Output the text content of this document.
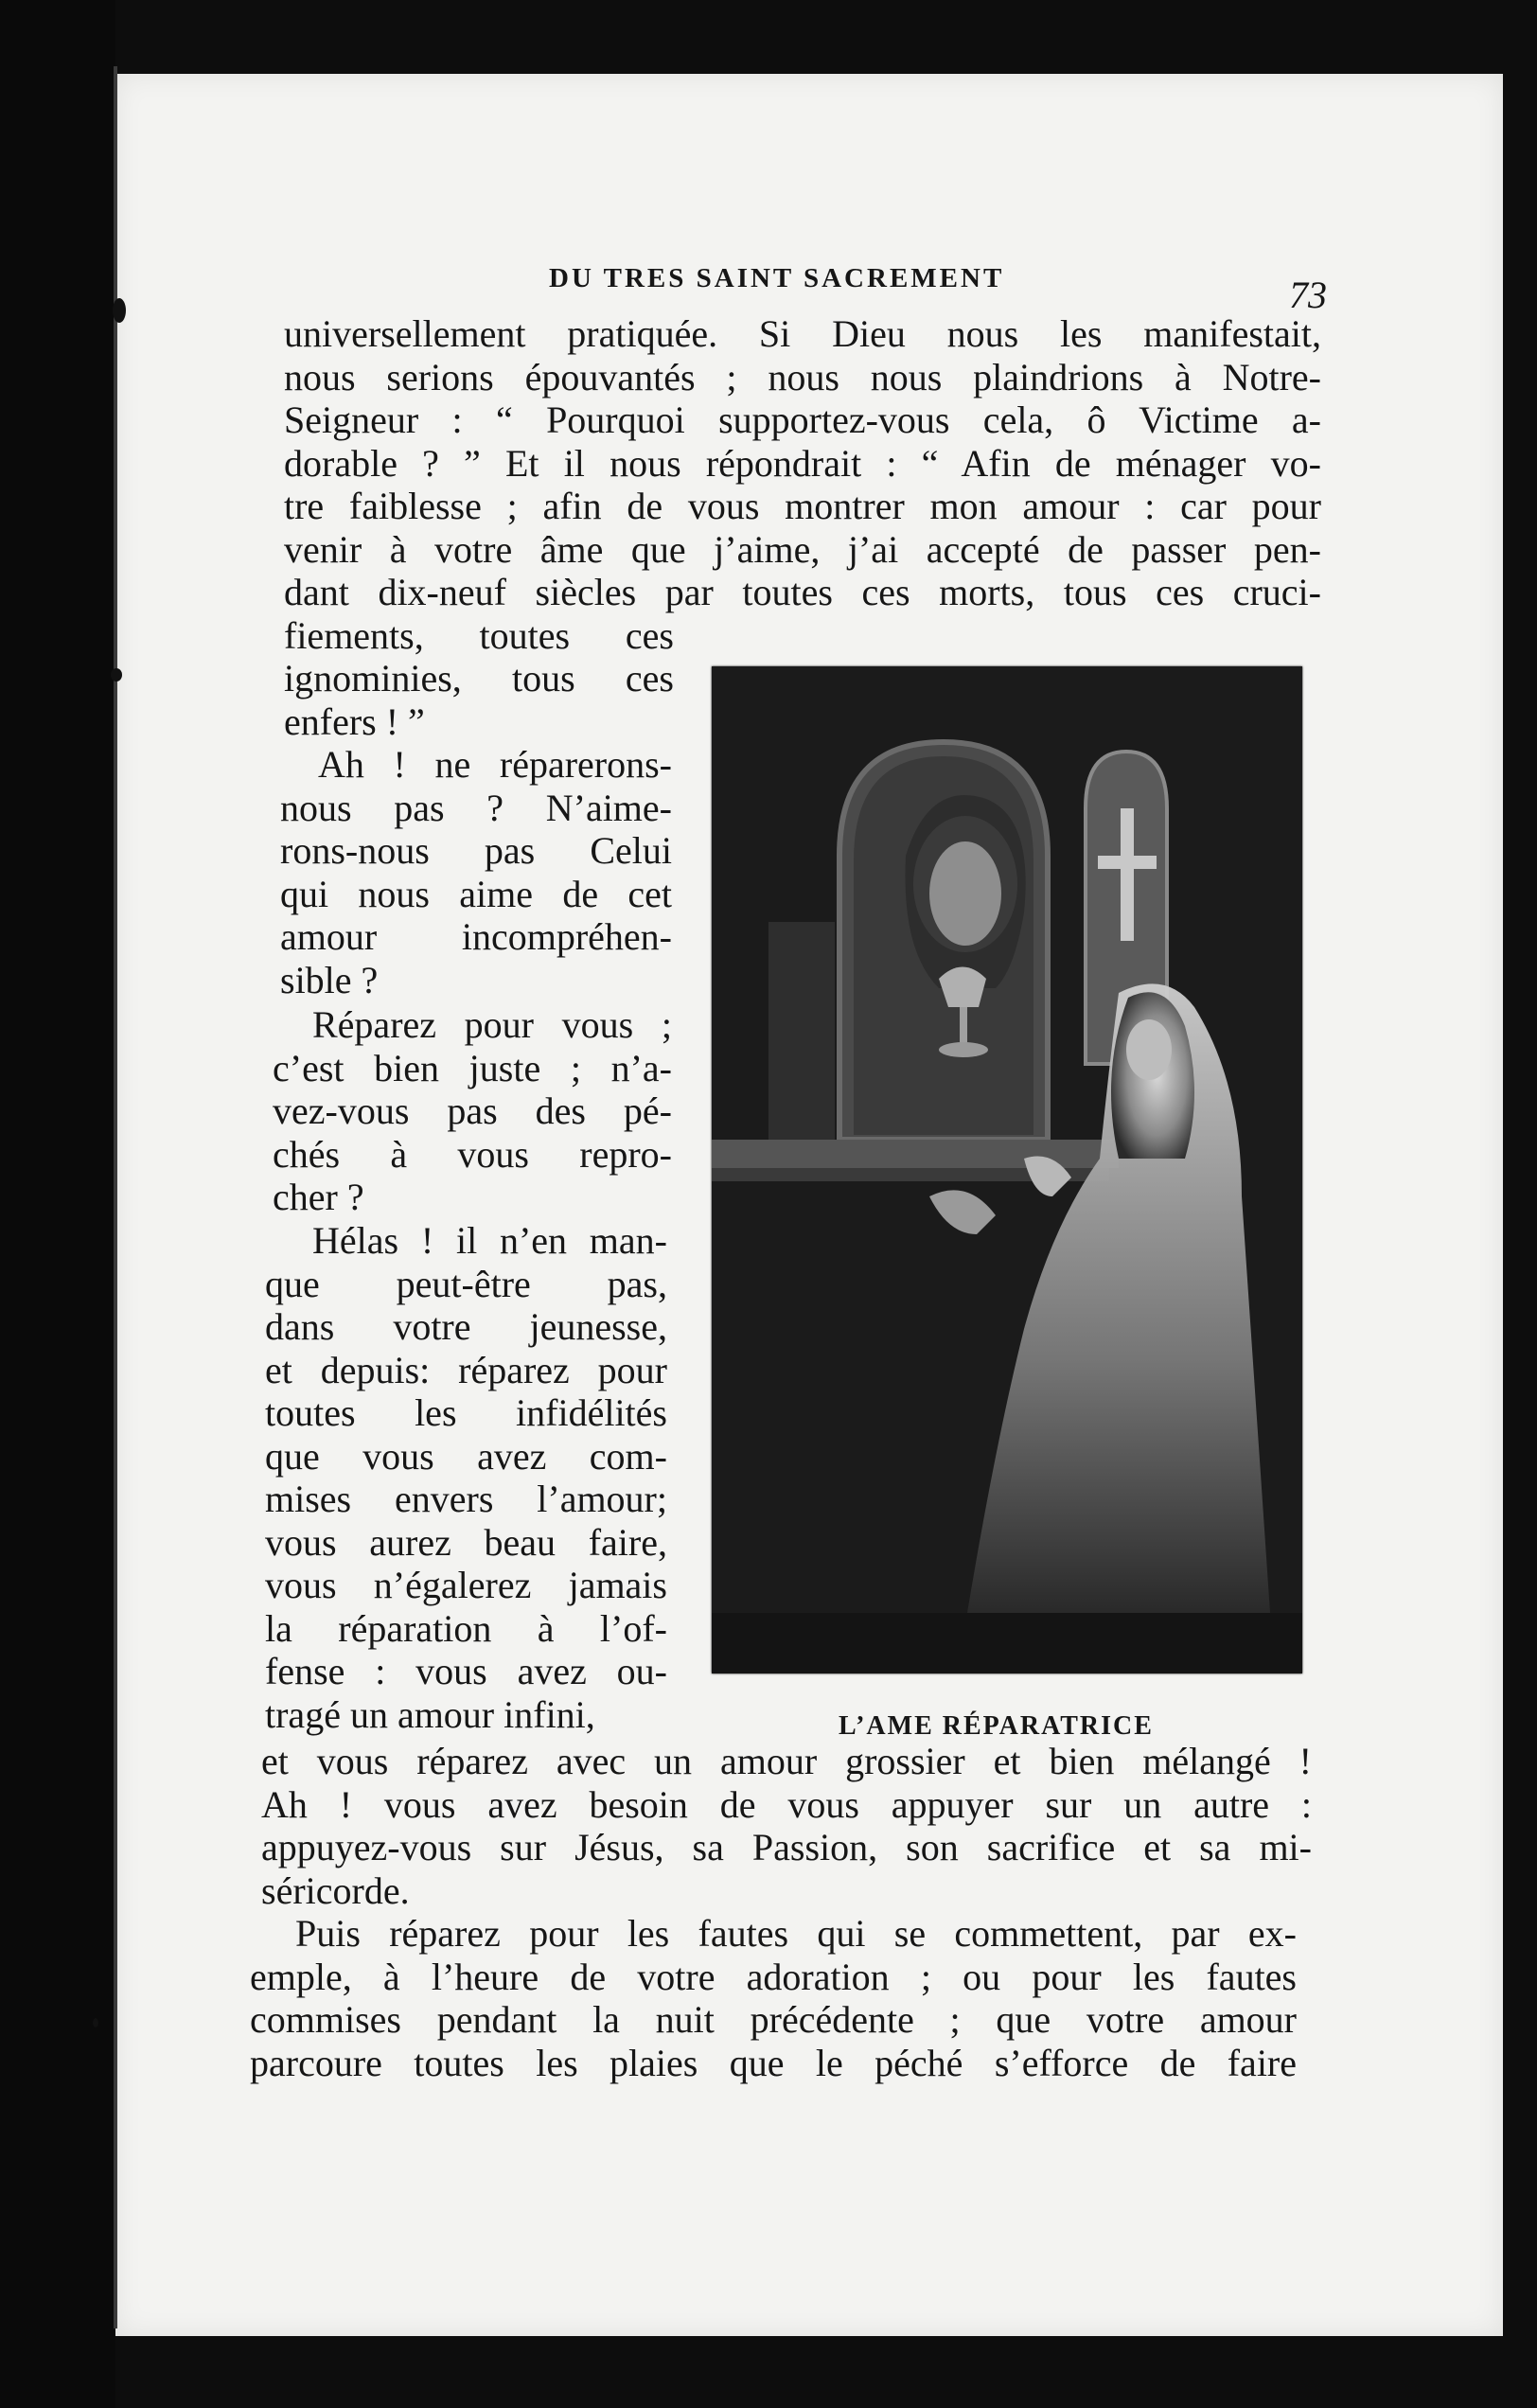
DU TRES SAINT SACREMENT	73
universellement pratiquée. Si Dieu nous les manifestait,
nous serions épouvantés ; nous nous plaindrions à Notre-
Seigneur : “ Pourquoi supportez-vous cela, ô Victime a-
dorable ? ” Et il nous répondrait : “ Afin de ménager vo-
tre faiblesse ; afin de vous montrer mon amour : car pour
venir à votre âme que j’aime, j’ai accepté de passer pen-
dant dix-neuf siècles par toutes ces morts, tous ces cruci-
fiements, toutes ces
ignominies, tous ces
enfers ! ”
Ah ! ne réparerons-
nous pas ? N’aime-
rons-nous pas Celui
qui nous aime de cet
amour incompréhen-
sible ?
Réparez pour vous ;
c’est bien juste ; n’a-
vez-vous pas des pé-
chés à vous repro-
cher ?
Hélas ! il n’en man-
que peut-être pas,
dans votre jeunesse,
et depuis: réparez pour
toutes les infidélités
que vous avez com-
mises envers l’amour;
vous aurez beau faire,
vous n’égalerez jamais
la réparation à l’of-
fense : vous avez ou-
tragé un amour infini,
et vous réparez avec un amour grossier et bien mélangé !
Ah ! vous avez besoin de vous appuyer sur un autre :
appuyez-vous sur Jésus, sa Passion, son sacrifice et sa mi-
séricorde.
Puis réparez pour les fautes qui se commettent, par ex-
emple, à l’heure de votre adoration ; ou pour les fautes
commises pendant la nuit précédente ; que votre amour
parcoure toutes les plaies que le péché s’efforce de faire
L’AME RÉPARATRICE
